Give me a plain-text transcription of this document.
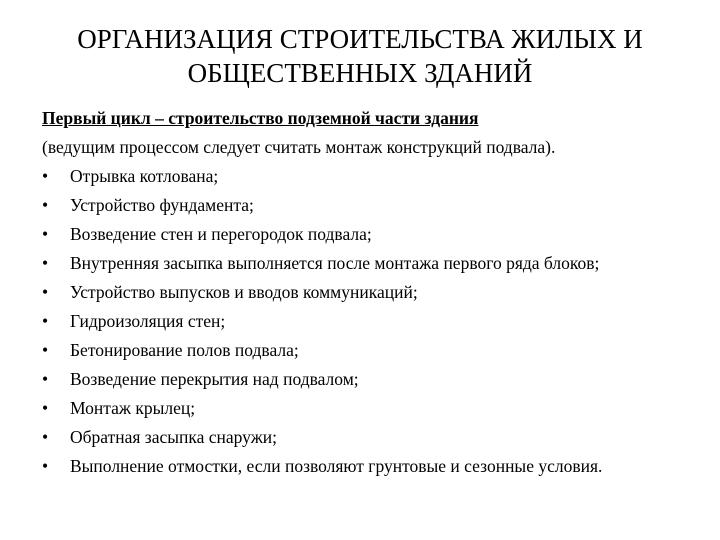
ОРГАНИЗАЦИЯ СТРОИТЕЛЬСТВА ЖИЛЫХ И
ОБЩЕСТВЕННЫХ ЗДАНИЙ
Первый цикл – строительство подземной части здания
(ведущим процессом следует считать монтаж конструкций подвала).
•	Отрывка котлована;
•	Устройство фундамента;
•	Возведение стен и перегородок подвала;
•	Внутренняя засыпка выполняется после монтажа первого ряда блоков;
•	Устройство выпусков и вводов коммуникаций;
•	Гидроизоляция стен;
•	Бетонирование полов подвала;
•	Возведение перекрытия над подвалом;
•	Монтаж крылец;
•	Обратная засыпка снаружи;
•	Выполнение отмостки, если позволяют грунтовые и сезонные условия.
